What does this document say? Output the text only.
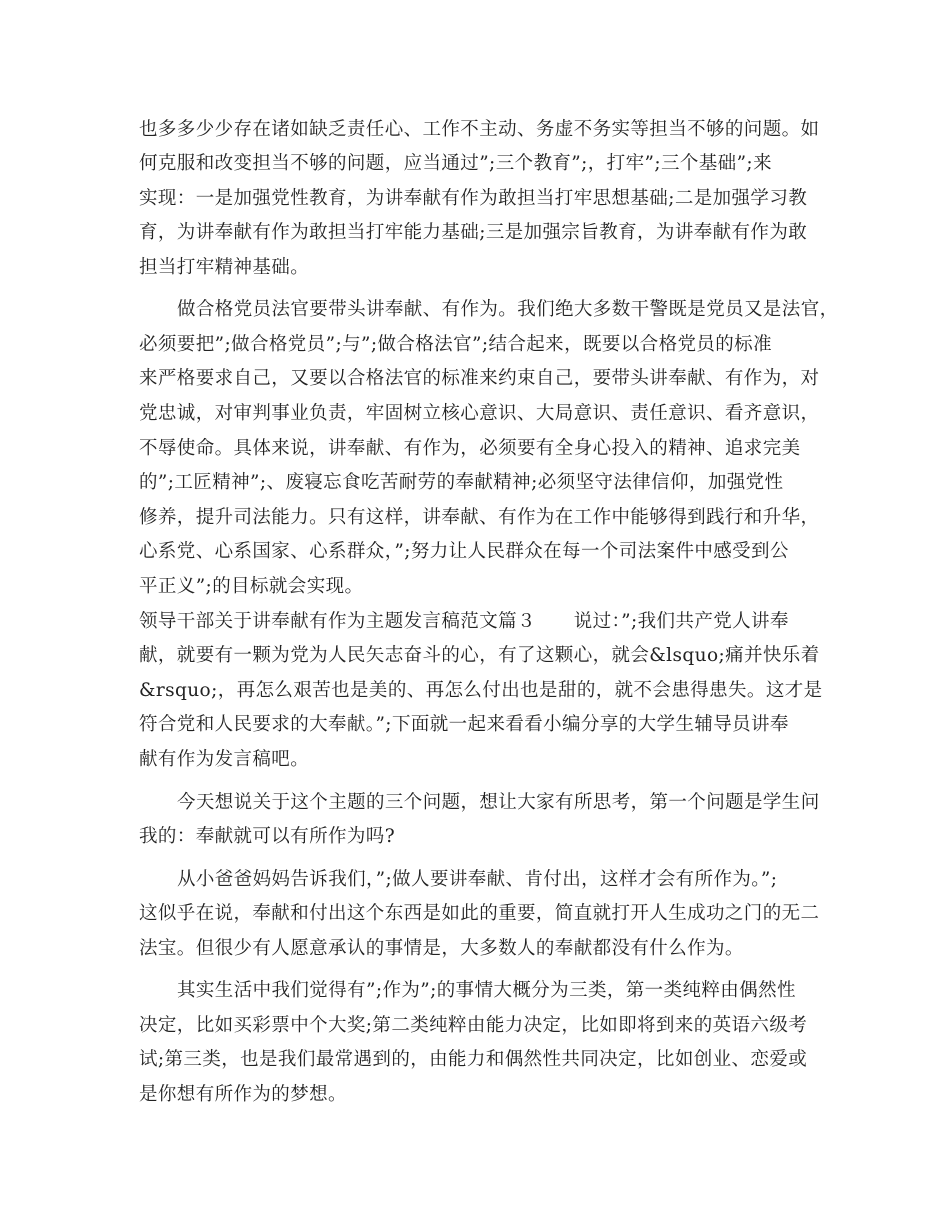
也多多少少存在诸如缺乏责任心、工作不主动、务虚不务实等担当不够的问题。如
何克服和改变担当不够的问题，应当通过”;三个教育”;，打牢”;三个基础”;来
实现：一是加强党性教育，为讲奉献有作为敢担当打牢思想基础;二是加强学习教
育，为讲奉献有作为敢担当打牢能力基础;三是加强宗旨教育，为讲奉献有作为敢
担当打牢精神基础。
做合格党员法官要带头讲奉献、有作为。我们绝大多数干警既是党员又是法官，
必须要把”;做合格党员”;与”;做合格法官”;结合起来，既要以合格党员的标准
来严格要求自己，又要以合格法官的标准来约束自己，要带头讲奉献、有作为，对
党忠诚，对审判事业负责，牢固树立核心意识、大局意识、责任意识、看齐意识，
不辱使命。具体来说，讲奉献、有作为，必须要有全身心投入的精神、追求完美
的”;工匠精神”;、废寝忘食吃苦耐劳的奉献精神;必须坚守法律信仰，加强党性
修养，提升司法能力。只有这样，讲奉献、有作为在工作中能够得到践行和升华，
心系党、心系国家、心系群众，”;努力让人民群众在每一个司法案件中感受到公
平正义”;的目标就会实现。
领导干部关于讲奉献有作为主题发言稿范文篇３　　说过：”;我们共产党人讲奉
献，就要有一颗为党为人民矢志奋斗的心，有了这颗心，就会&lsquo;痛并快乐着
&rsquo;，再怎么艰苦也是美的、再怎么付出也是甜的，就不会患得患失。这才是
符合党和人民要求的大奉献。”;下面就一起来看看小编分享的大学生辅导员讲奉
献有作为发言稿吧。
今天想说关于这个主题的三个问题，想让大家有所思考，第一个问题是学生问
我的：奉献就可以有所作为吗?
从小爸爸妈妈告诉我们，”;做人要讲奉献、肯付出，这样才会有所作为。”;
这似乎在说，奉献和付出这个东西是如此的重要，简直就打开人生成功之门的无二
法宝。但很少有人愿意承认的事情是，大多数人的奉献都没有什么作为。
其实生活中我们觉得有”;作为”;的事情大概分为三类，第一类纯粹由偶然性
决定，比如买彩票中个大奖;第二类纯粹由能力决定，比如即将到来的英语六级考
试;第三类，也是我们最常遇到的，由能力和偶然性共同决定，比如创业、恋爱或
是你想有所作为的梦想。
